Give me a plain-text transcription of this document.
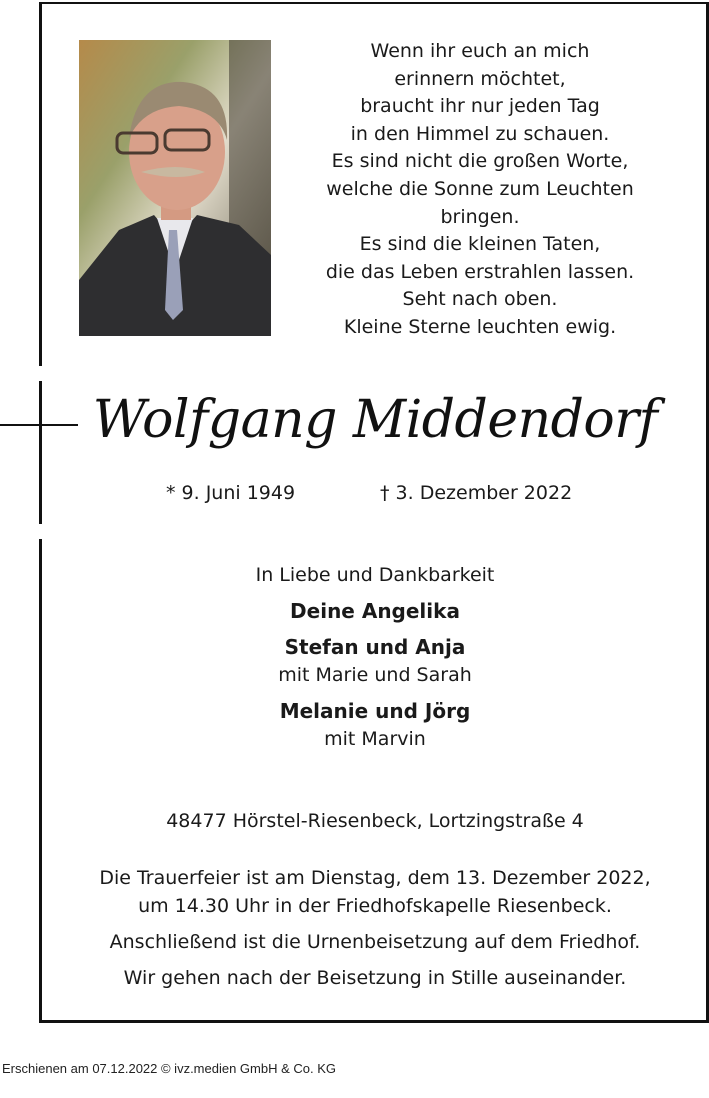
Wenn ihr euch an mich
erinnern möchtet,
braucht ihr nur jeden Tag
in den Himmel zu schauen.
Es sind nicht die großen Worte,
welche die Sonne zum Leuchten
bringen.
Es sind die kleinen Taten,
die das Leben erstrahlen lassen.
Seht nach oben.
Kleine Sterne leuchten ewig.
Wolfgang Middendorf
* 9. Juni 1949	† 3. Dezember 2022
In Liebe und Dankbarkeit
Deine Angelika
Stefan und Anja
mit Marie und Sarah
Melanie und Jörg
mit Marvin
48477 Hörstel-Riesenbeck, Lortzingstraße 4
Die Trauerfeier ist am Dienstag, dem 13. Dezember 2022,
um 14.30 Uhr in der Friedhofskapelle Riesenbeck.
Anschließend ist die Urnenbeisetzung auf dem Friedhof.
Wir gehen nach der Beisetzung in Stille auseinander.
Erschienen am 07.12.2022 © ivz.medien GmbH & Co. KG
